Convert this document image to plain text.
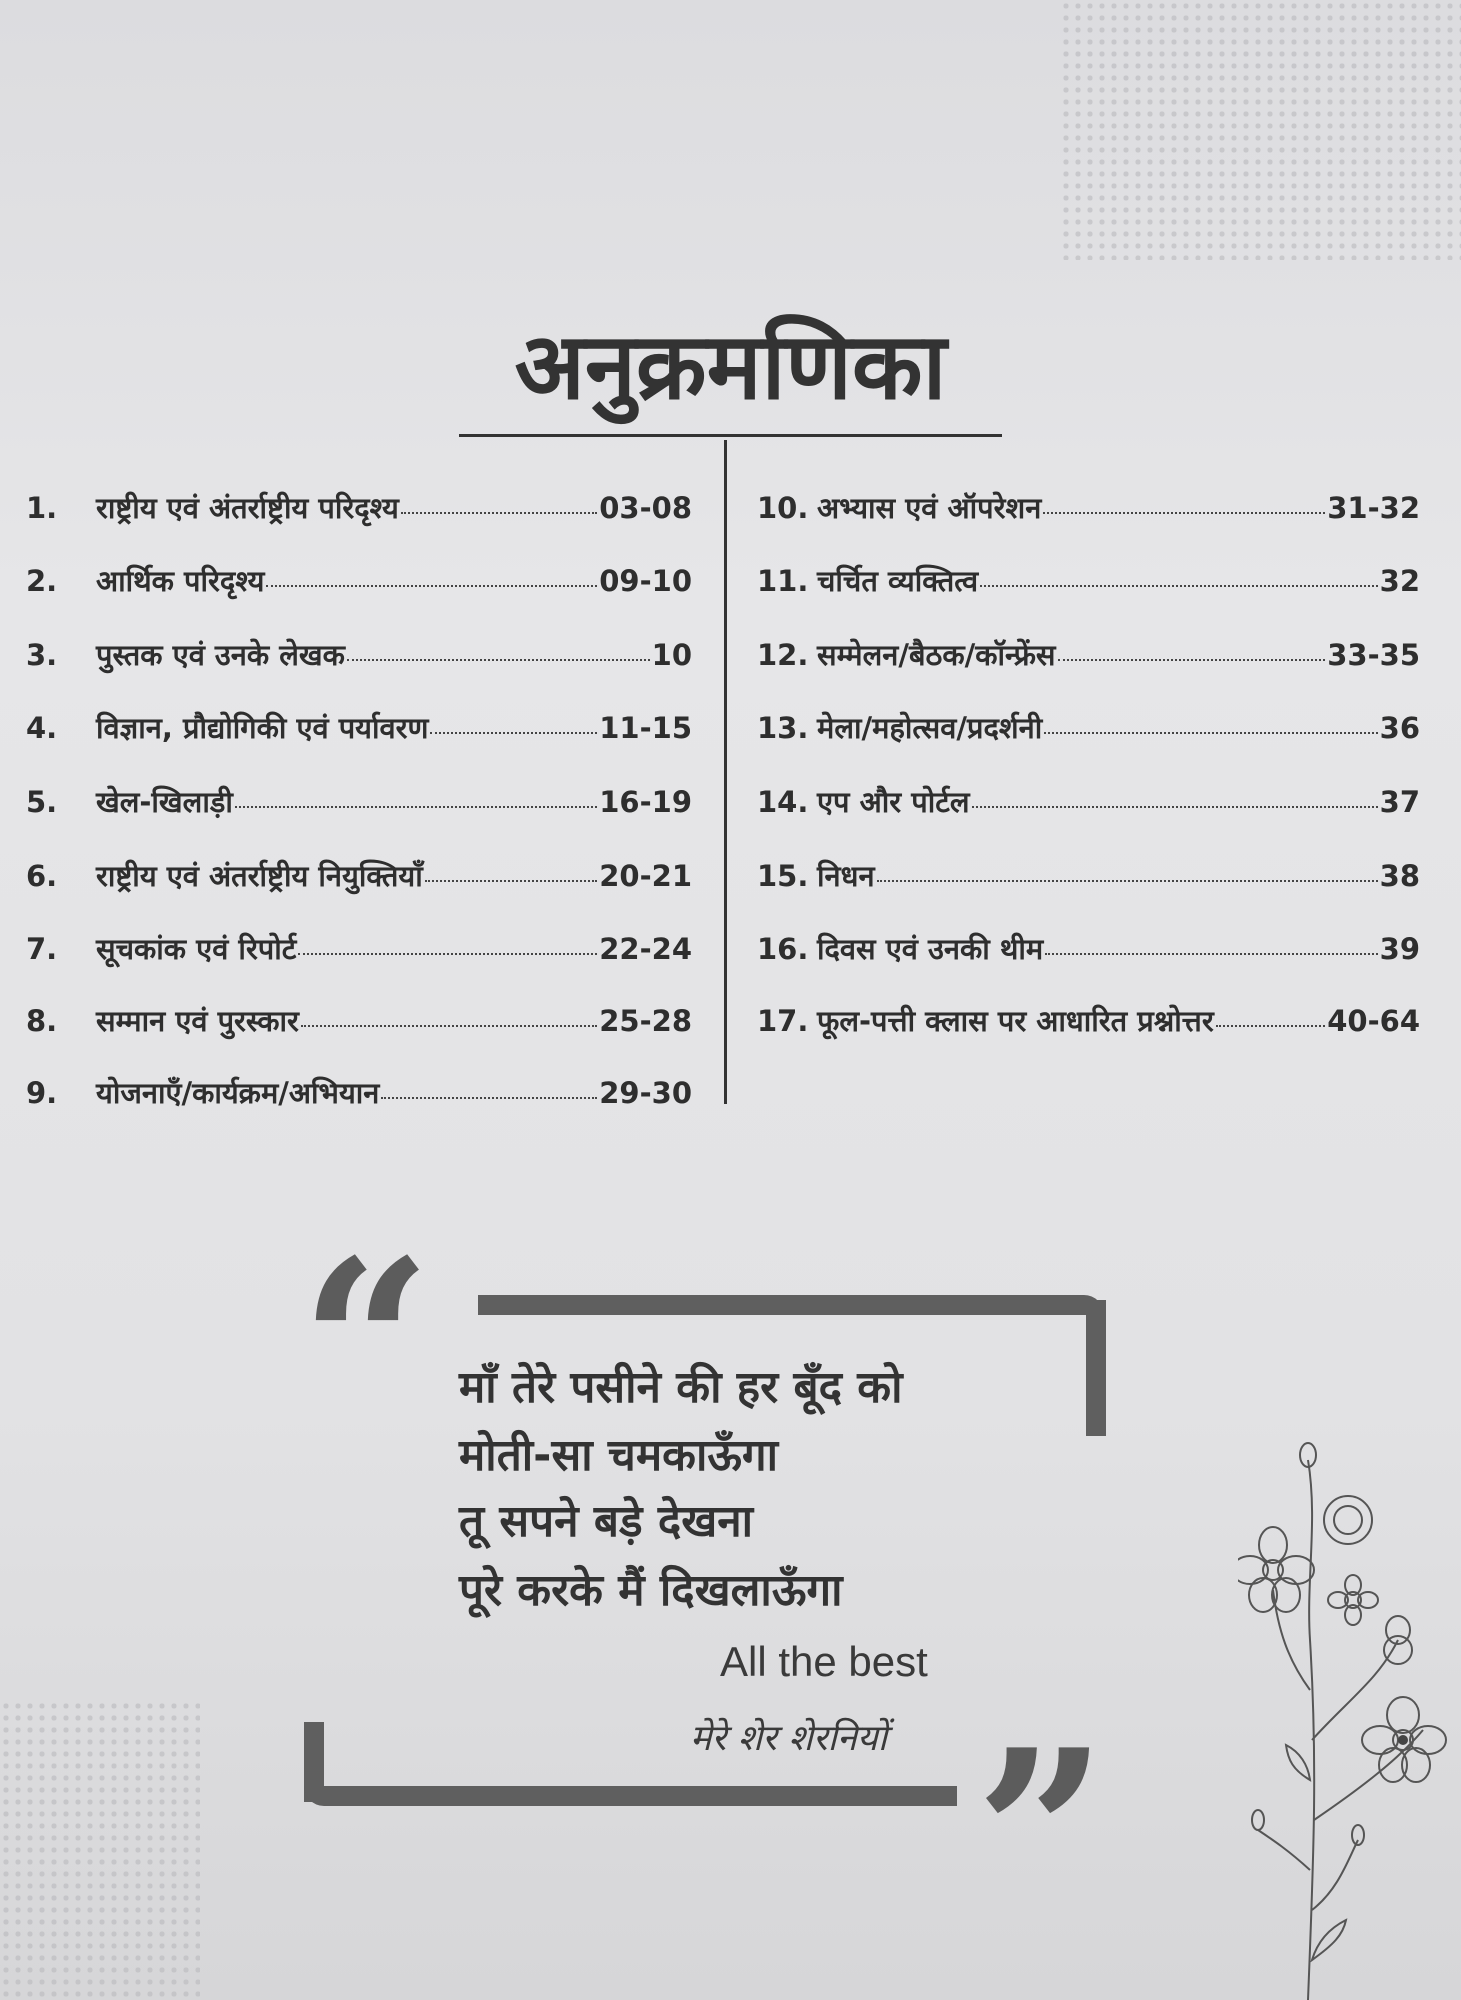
अनुक्रमणिका
1.	राष्ट्रीय एवं अंतर्राष्ट्रीय परिदृश्य	03-08
2.	आर्थिक परिदृश्य	09-10
3.	पुस्तक एवं उनके लेखक	10
4.	विज्ञान, प्रौद्योगिकी एवं पर्यावरण	11-15
5.	खेल-खिलाड़ी	16-19
6.	राष्ट्रीय एवं अंतर्राष्ट्रीय नियुक्तियाँ	20-21
7.	सूचकांक एवं रिपोर्ट	22-24
8.	सम्मान एवं पुरस्कार	25-28
9.	योजनाएँ/कार्यक्रम/अभियान	29-30
10. अभ्यास एवं ऑपरेशन	31-32
11. चर्चित व्यक्तित्व	32
12. सम्मेलन/बैठक/कॉन्फ्रेंस	33-35
13. मेला/महोत्सव/प्रदर्शनी	36
14. एप और पोर्टल	37
15. निधन	38
16. दिवस एवं उनकी थीम	39
17. फूल-पत्ती क्लास पर आधारित प्रश्नोत्तर	40-64
“ माँ तेरे पसीने की हर बूँद को
मोती-सा चमकाऊँगा
तू सपने बड़े देखना
पूरे करके मैं दिखलाऊँगा
All the best
मेरे शेर शेरनियों ”
